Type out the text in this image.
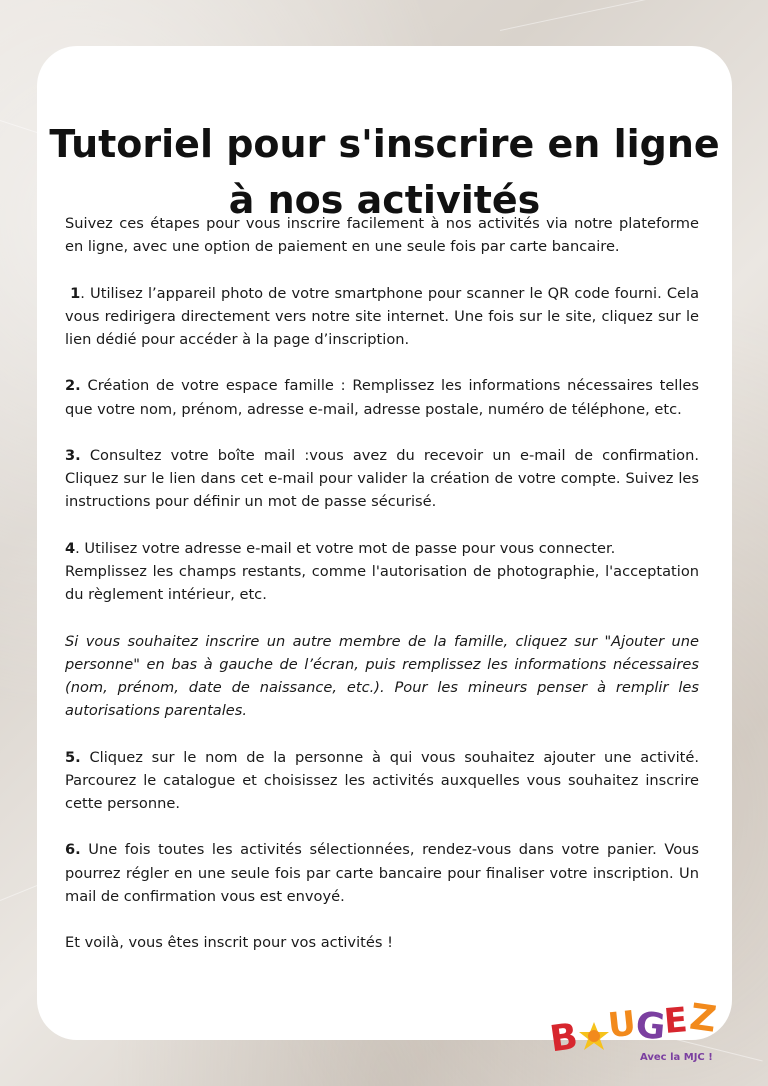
Tutoriel pour s'inscrire en ligne à nos activités

Suivez ces étapes pour vous inscrire facilement à nos activités via notre plateforme en ligne, avec une option de paiement en une seule fois par carte bancaire.

1. Utilisez l’appareil photo de votre smartphone pour scanner le QR code fourni. Cela vous redirigera directement vers notre site internet. Une fois sur le site, cliquez sur le lien dédié pour accéder à la page d’inscription.

2. Création de votre espace famille : Remplissez les informations nécessaires telles que votre nom, prénom, adresse e-mail, adresse postale, numéro de téléphone, etc.

3. Consultez votre boîte mail :vous avez du recevoir un e-mail de confirmation. Cliquez sur le lien dans cet e-mail pour valider la création de votre compte. Suivez les instructions pour définir un mot de passe sécurisé.

4. Utilisez votre adresse e-mail et votre mot de passe pour vous connecter.

Remplissez les champs restants, comme l'autorisation de photographie, l'acceptation du règlement intérieur, etc.

Si vous souhaitez inscrire un autre membre de la famille, cliquez sur "Ajouter une personne" en bas à gauche de l’écran, puis remplissez les informations nécessaires (nom, prénom, date de naissance, etc.). Pour les mineurs penser à remplir les autorisations parentales.

5. Cliquez sur le nom de la personne à qui vous souhaitez ajouter une activité. Parcourez le catalogue et choisissez les activités auxquelles vous souhaitez inscrire cette personne.

6. Une fois toutes les activités sélectionnées, rendez-vous dans votre panier. Vous pourrez régler en une seule fois par carte bancaire pour finaliser votre inscription. Un mail de confirmation vous est envoyé.

Et voilà, vous êtes inscrit pour vos activités !

B U
G
E
Z
Avec la MJC !
